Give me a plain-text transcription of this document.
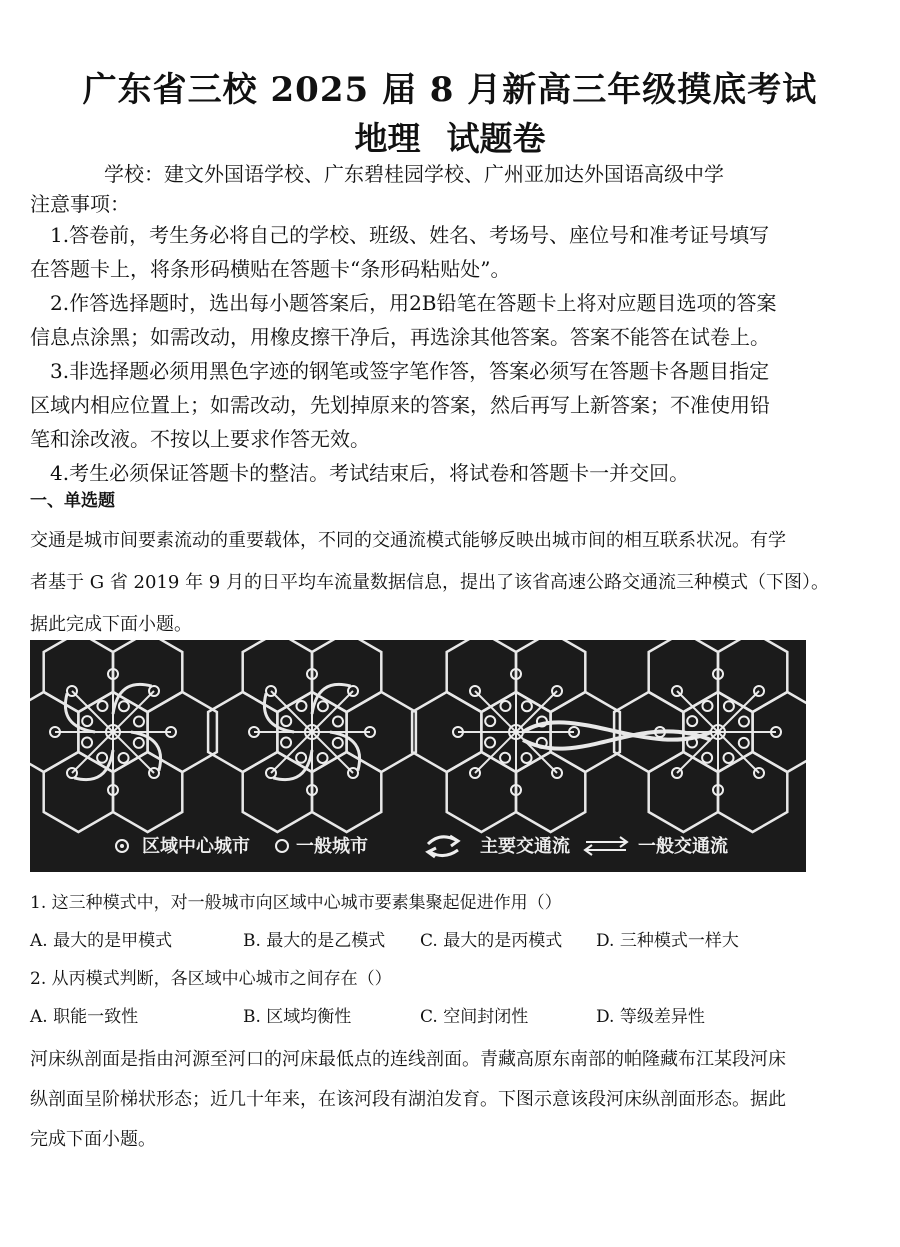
广东省三校 2025 届 8 月新高三年级摸底考试
地理 试题卷
学校：建文外国语学校、广东碧桂园学校、广州亚加达外国语高级中学
注意事项：

1.答卷前，考生务必将自己的学校、班级、姓名、考场号、座位号和准考证号填写

在答题卡上，将条形码横贴在答题卡“条形码粘贴处”。

2.作答选择题时，选出每小题答案后，用2B铅笔在答题卡上将对应题目选项的答案

信息点涂黑；如需改动，用橡皮擦干净后，再选涂其他答案。答案不能答在试卷上。

3.非选择题必须用黑色字迹的钢笔或签字笔作答，答案必须写在答题卡各题目指定

区域内相应位置上；如需改动，先划掉原来的答案，然后再写上新答案；不准使用铅

笔和涂改液。不按以上要求作答无效。

4.考生必须保证答题卡的整洁。考试结束后，将试卷和答题卡一并交回。

一、单选题

交通是城市间要素流动的重要载体，不同的交通流模式能够反映出城市间的相互联系状况。有学

者基于 G 省 2019 年 9 月的日平均车流量数据信息，提出了该省高速公路交通流三种模式（下图）。

据此完成下面小题。

区域中心城市	一般城市	主要交通流	一般交通流
1. 这三种模式中，对一般城市向区域中心城市要素集聚起促进作用（）
A. 最大的是甲模式	B. 最大的是乙模式 C. 最大的是丙模式 D. 三种模式一样大
2. 从丙模式判断，各区域中心城市之间存在（）
A. 职能一致性	B. 区域均衡性	C. 空间封闭性	D. 等级差异性

河床纵剖面是指由河源至河口的河床最低点的连线剖面。青藏高原东南部的帕隆藏布江某段河床

纵剖面呈阶梯状形态；近几十年来，在该河段有湖泊发育。下图示意该段河床纵剖面形态。据此

完成下面小题。
